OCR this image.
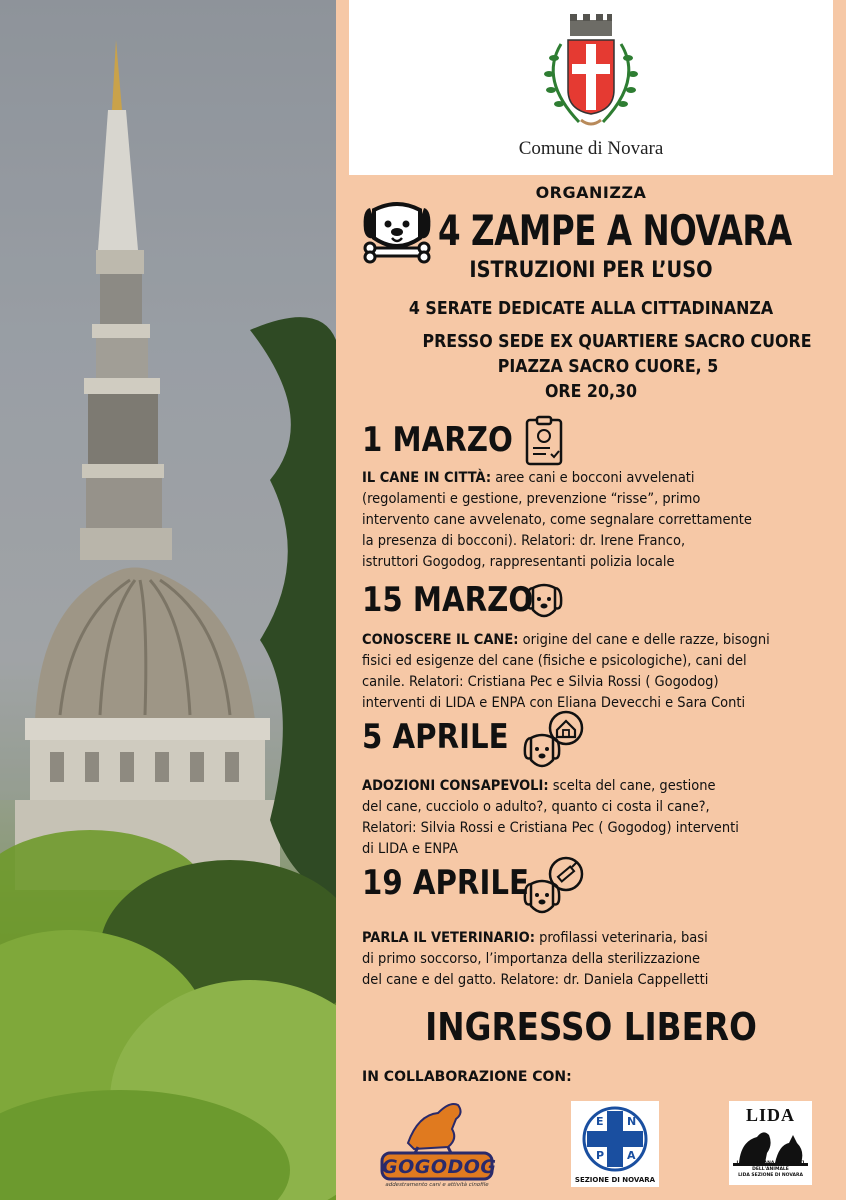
Comune di Novara
ORGANIZZA
4 ZAMPE A NOVARA
ISTRUZIONI PER L’USO
4 SERATE DEDICATE ALLA CITTADINANZA
PRESSO SEDE EX QUARTIERE SACRO CUORE
PIAZZA SACRO CUORE, 5
ORE 20,30
1 MARZO
IL CANE IN CITTÀ: aree cani e bocconi avvelenati
(regolamenti e gestione, prevenzione “risse”, primo
intervento cane avvelenato, come segnalare correttamente
la presenza di bocconi). Relatori: dr. Irene Franco,
istruttori Gogodog, rappresentanti polizia locale
15 MARZO
CONOSCERE IL CANE: origine del cane e delle razze, bisogni
fisici ed esigenze del cane (fisiche e psicologiche), cani del
canile. Relatori: Cristiana Pec e Silvia Rossi ( Gogodog)
interventi di LIDA e ENPA con Eliana Devecchi e Sara Conti
5 APRILE
ADOZIONI CONSAPEVOLI: scelta del cane, gestione
del cane, cucciolo o adulto?, quanto ci costa il cane?,
Relatori: Silvia Rossi e Cristiana Pec ( Gogodog) interventi
di LIDA e ENPA
19 APRILE
PARLA IL VETERINARIO: profilassi veterinaria, basi
di primo soccorso, l’importanza della sterilizzazione
del cane e del gatto. Relatore: dr. Daniela Cappelletti
INGRESSO LIBERO
IN COLLABORAZIONE CON:
GOGODOG
addestramento cani e attività cinofile
E N
P A
SEZIONE DI NOVARA
LIDA
LEGA ITALIANA DEI DIRITTI DELL'ANIMALE
LIDA SEZIONE DI NOVARA
